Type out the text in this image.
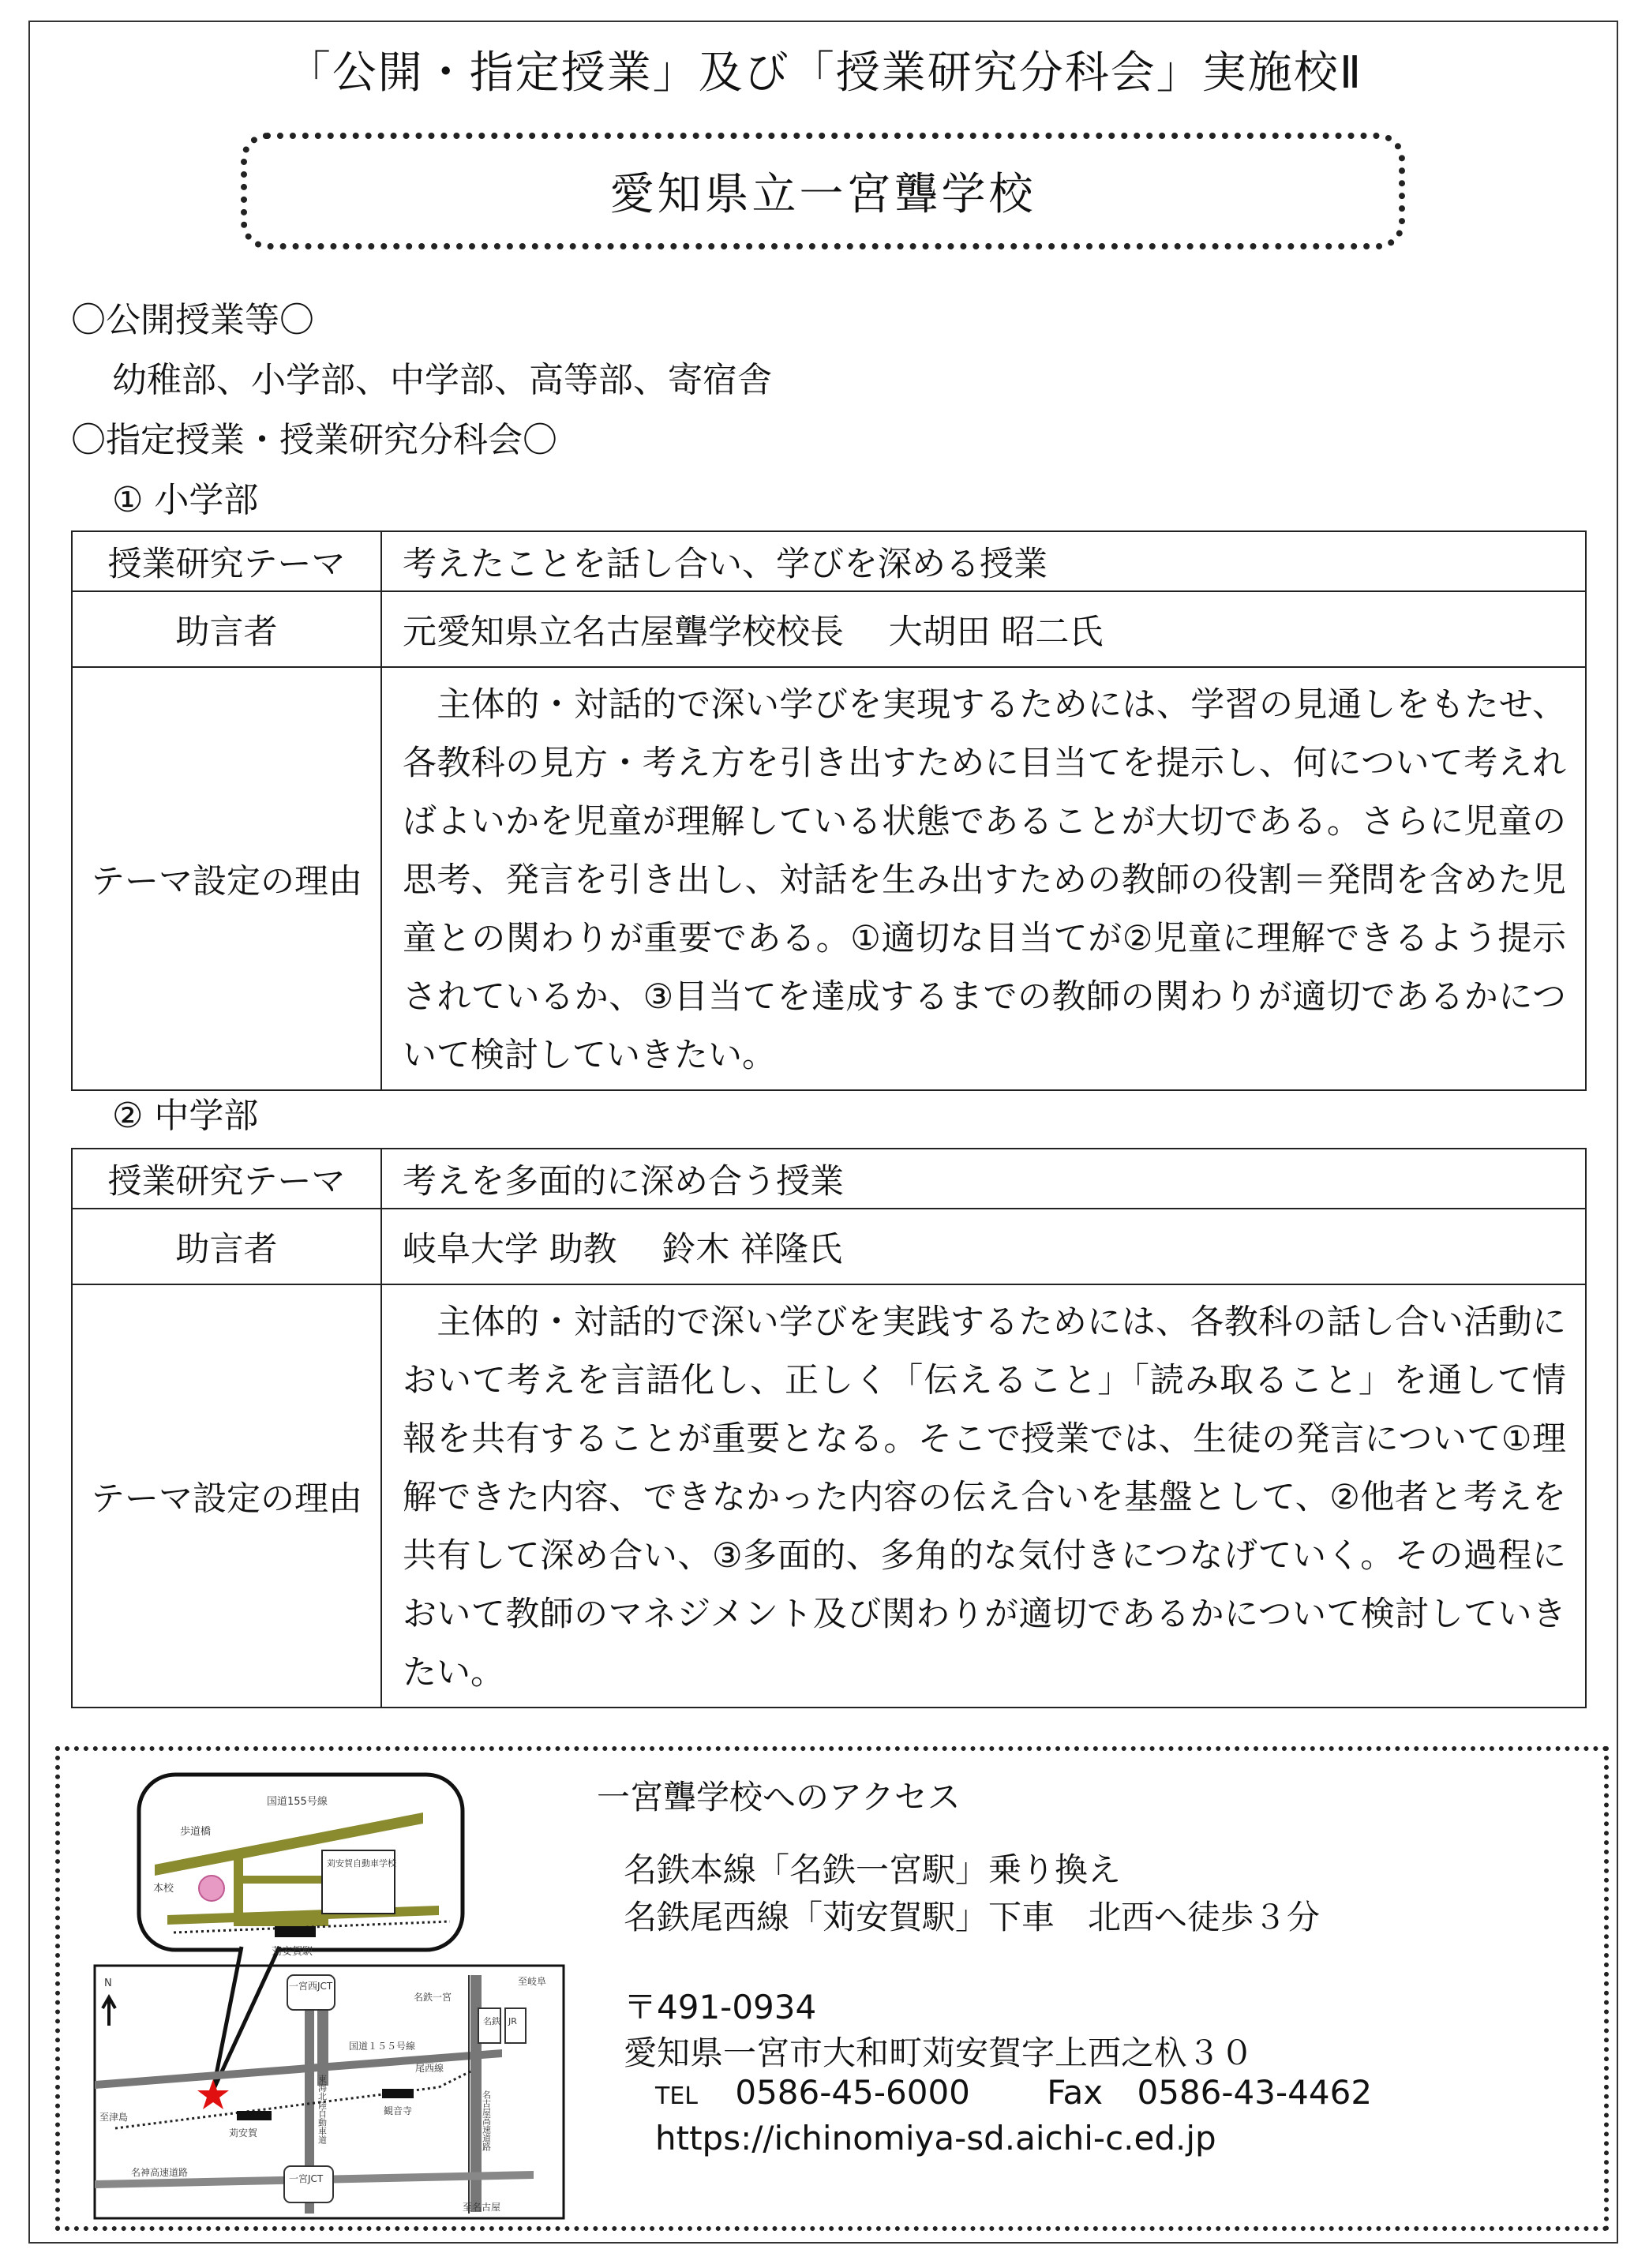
「公開・指定授業」及び「授業研究分科会」実施校Ⅱ
愛知県立一宮聾学校
〇公開授業等〇
幼稚部、小学部、中学部、高等部、寄宿舎
〇指定授業・授業研究分科会〇
① 小学部
授業研究テーマ	考えたことを話し合い、学びを深める授業
助言者	元愛知県立名古屋聾学校校長　 大胡田 昭二氏
テーマ設定の理由	　主体的・対話的で深い学びを実現するためには、学習の見通しをもたせ、各教科の見方・考え方を引き出すために目当てを提示し、何について考えればよいかを児童が理解している状態であることが大切である。さらに児童の思考、発言を引き出し、対話を生み出すための教師の役割＝発問を含めた児童との関わりが重要である。①適切な目当てが②児童に理解できるよう提示されているか、③目当てを達成するまでの教師の関わりが適切であるかについて検討していきたい。
② 中学部
授業研究テーマ	考えを多面的に深め合う授業
助言者	岐阜大学 助教　 鈴木 祥隆氏
テーマ設定の理由	　主体的・対話的で深い学びを実践するためには、各教科の話し合い活動において考えを言語化し、正しく「伝えること」「読み取ること」を通して情報を共有することが重要となる。そこで授業では、生徒の発言について①理解できた内容、できなかった内容の伝え合いを基盤として、②他者と考えを共有して深め合い、③多面的、多角的な気付きにつなげていく。その過程において教師のマネジメント及び関わりが適切であるかについて検討していきたい。
一宮聾学校へのアクセス
名鉄本線「名鉄一宮駅」乗り換え
名鉄尾西線「苅安賀駅」下車　北西へ徒歩３分
〒491-0934
愛知県一宮市大和町苅安賀字上西之杁３０
TEL 0586-45-6000 Fax 0586-43-4462
https://ichinomiya-sd.aichi-c.ed.jp
国道155号線
歩道橋
本校
苅安賀自動車学校
苅安賀駅
N	至岐阜
名鉄一宮
一宮西JCT
国道１５５号線
東海北陸自動車道
名鉄 JR
尾西線
至津島
苅安賀
観音寺	名古屋高速道路
名神高速道路
一宮JCT
至名古屋
